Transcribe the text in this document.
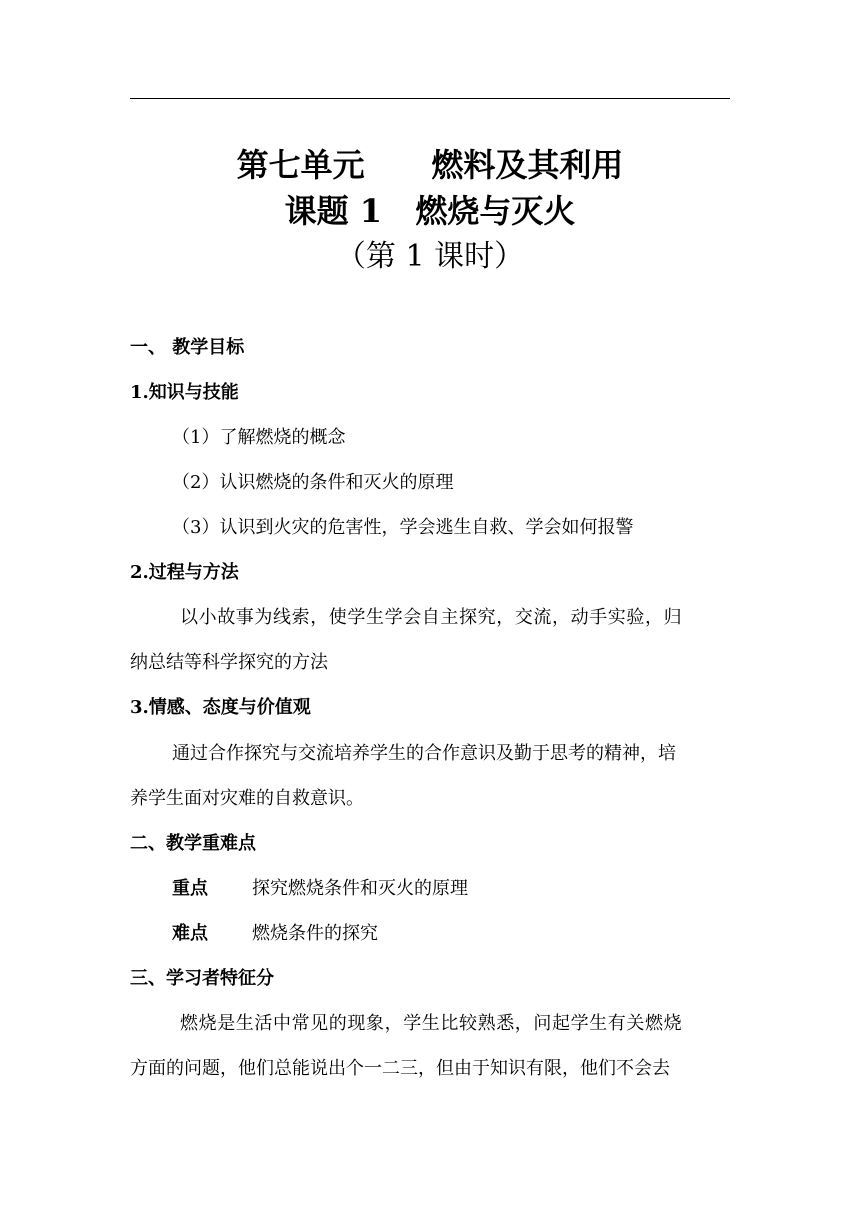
第七单元      燃料及其利用
课题 1   燃烧与灭火
（第 1 课时）
一、 教学目标
1.知识与技能
（1）了解燃烧的概念
（2）认识燃烧的条件和灭火的原理
（3）认识到火灾的危害性，学会逃生自救、学会如何报警
2.过程与方法
以小故事为线索，使学生学会自主探究，交流，动手实验，归
纳总结等科学探究的方法
3.情感、态度与价值观
通过合作探究与交流培养学生的合作意识及勤于思考的精神，培
养学生面对灾难的自救意识。
二、教学重难点
重点 探究燃烧条件和灭火的原理
难点 燃烧条件的探究
三、学习者特征分
燃烧是生活中常见的现象，学生比较熟悉，问起学生有关燃烧
方面的问题，他们总能说出个一二三，但由于知识有限，他们不会去
